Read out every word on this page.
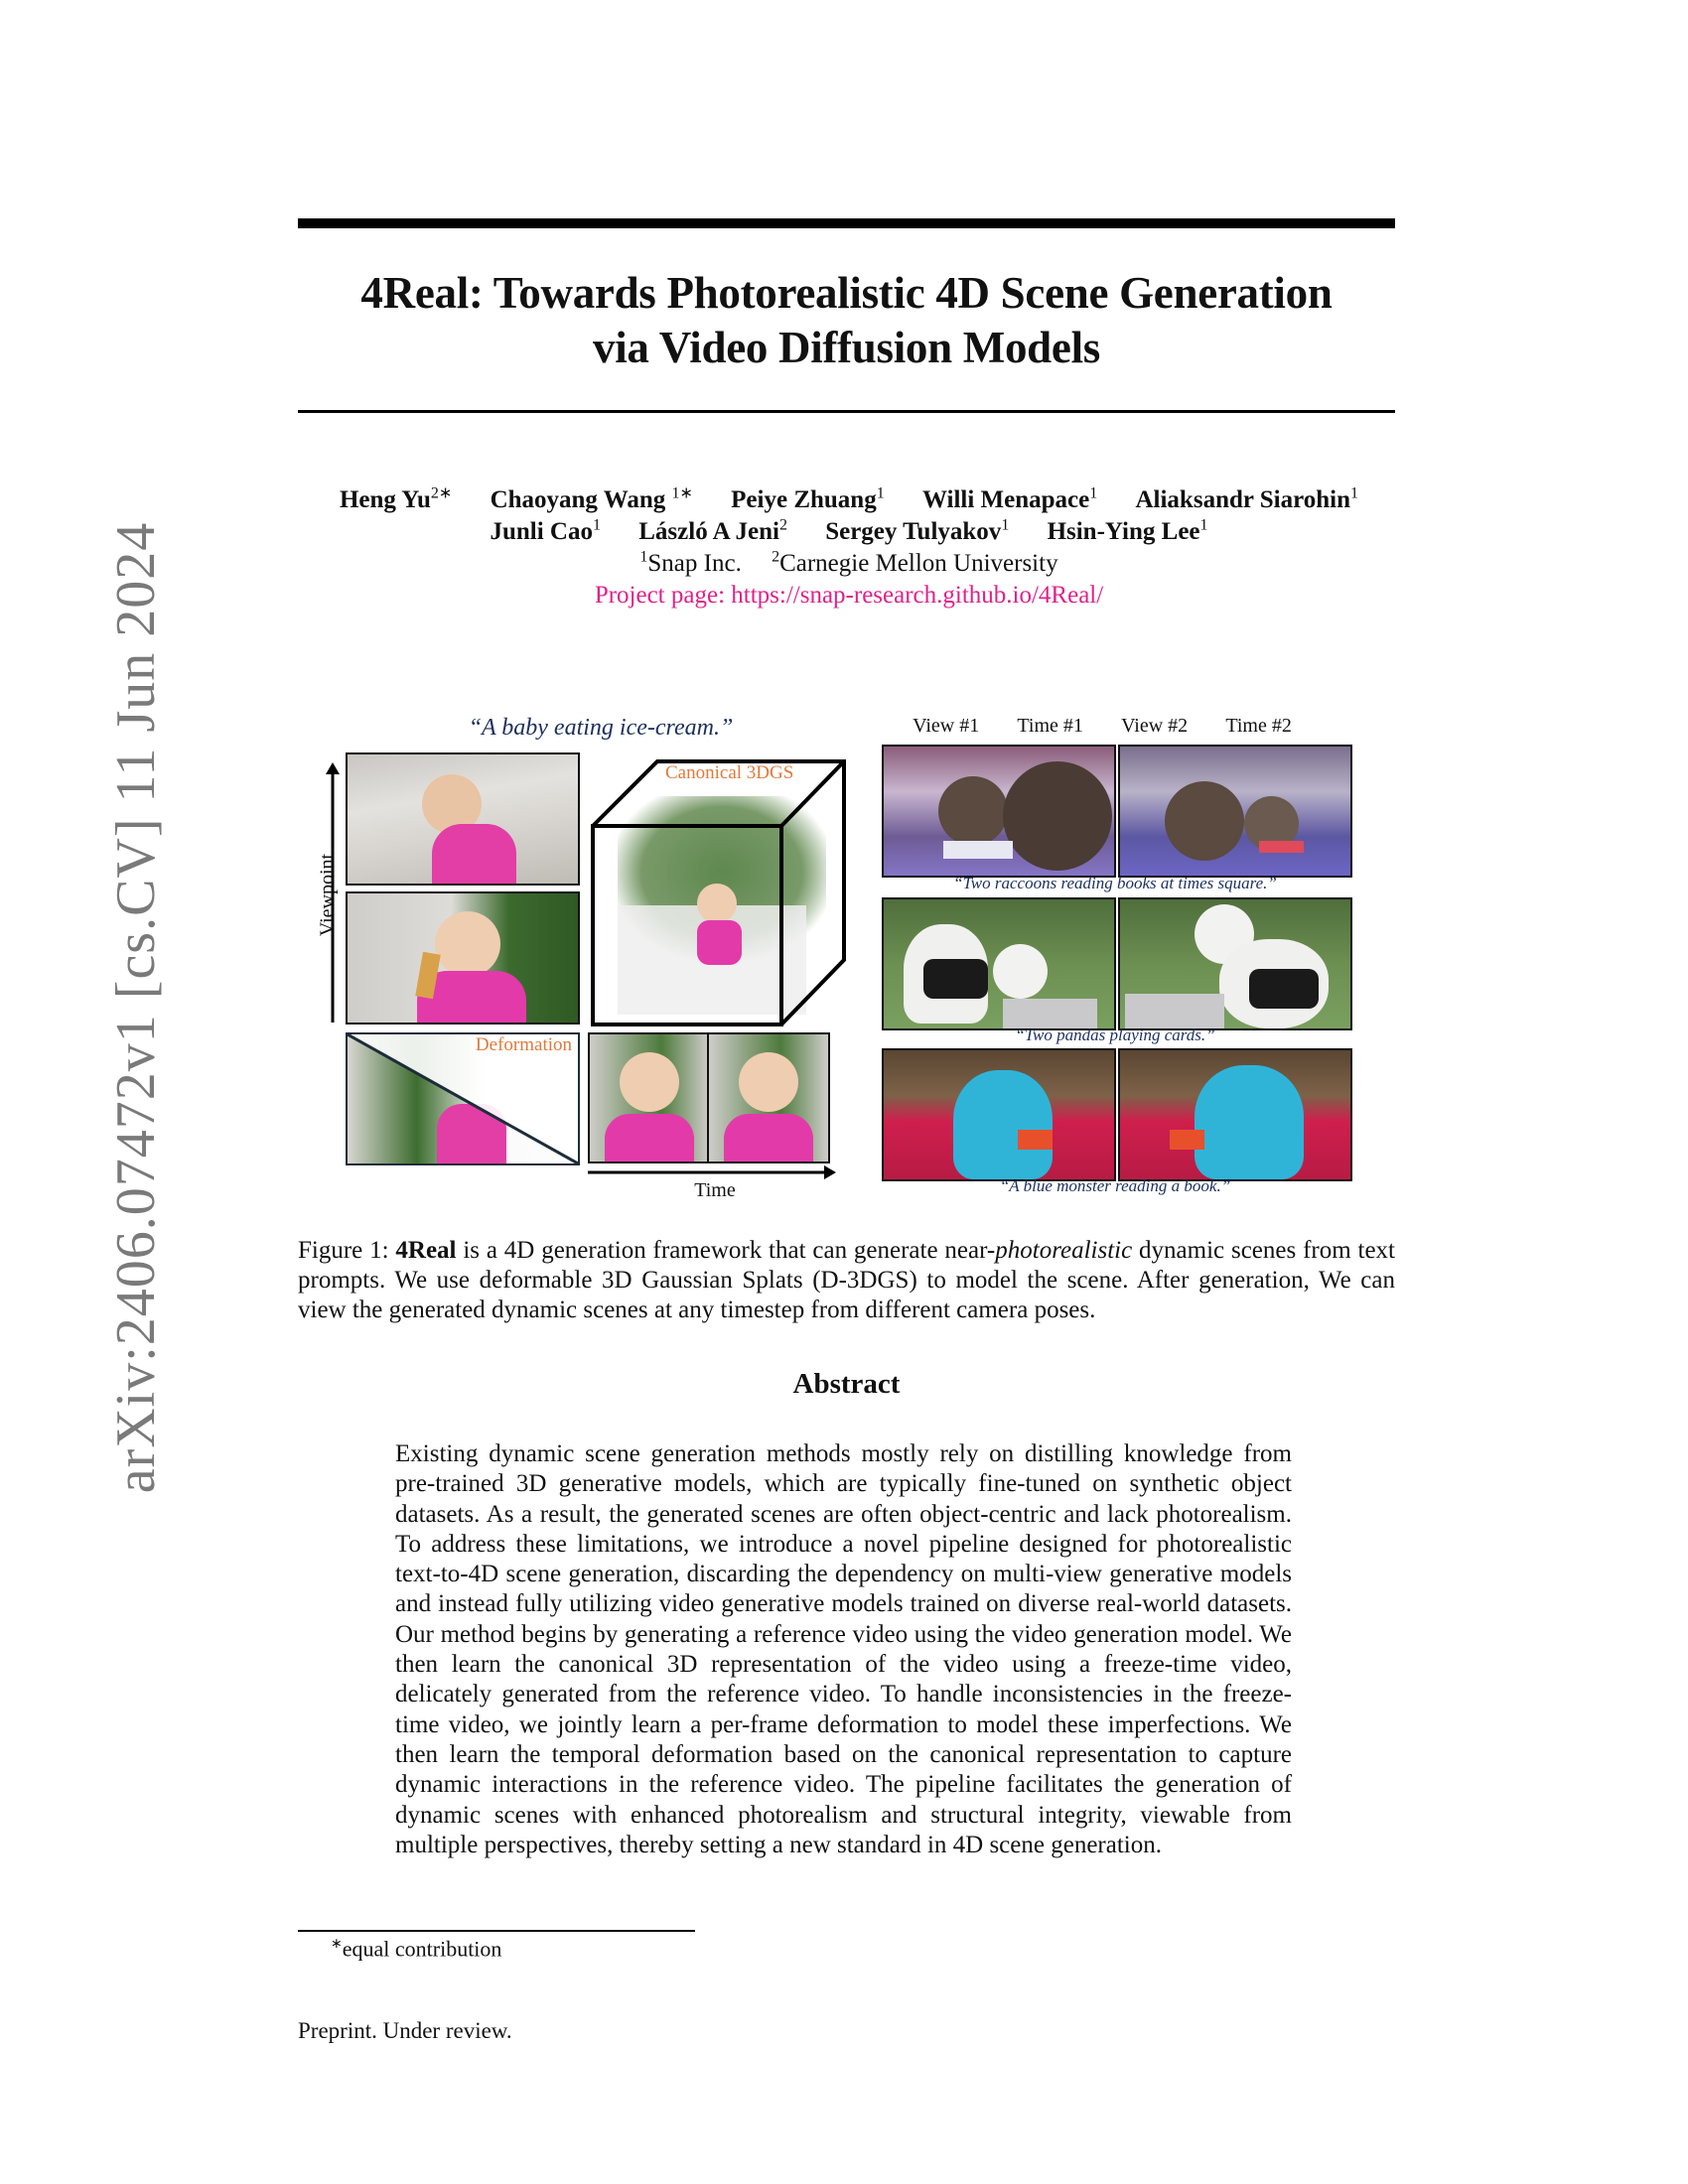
arXiv:2406.07472v1 [cs.CV] 11 Jun 2024
4Real: Towards Photorealistic 4D Scene Generation
via Video Diffusion Models
Heng $Yu^{2∗}$ Chaoyang Wang $^{1∗}$ Peiye Zhuang$^1$ Willi Menapace$^1$ Aliaksandr Siarohin$^1$
Junli Cao$^1$ László A Jeni$^2$ Sergey Tulyakov$^1$ Hsin-Ying Lee$^1$
$^1$Snap Inc. $^2$Carnegie Mellon University
Project page: https://snap-research.github.io/4Real/
“A baby eating ice-cream.”
Viewpoint
Deformation
Canonical 3DGS
Time
View #1 Time #1 View #2 Time #2
“Two raccoons reading books at times square.”
“Two pandas playing cards.”
“A blue monster reading a book.”
Figure 1: 4Real is a 4D generation framework that can generate near-photorealistic dynamic scenes from text prompts. We use deformable 3D Gaussian Splats (D-3DGS) to model the scene. After generation, We can view the generated dynamic scenes at any timestep from different camera poses.
Abstract
Existing dynamic scene generation methods mostly rely on distilling knowledge from pre-trained 3D generative models, which are typically fine-tuned on synthetic object datasets. As a result, the generated scenes are often object-centric and lack photorealism. To address these limitations, we introduce a novel pipeline designed for photorealistic text-to-4D scene generation, discarding the dependency on multi-view generative models and instead fully utilizing video generative models trained on diverse real-world datasets. Our method begins by generating a reference video using the video generation model. We then learn the canonical 3D representation of the video using a freeze-time video, delicately generated from the reference video. To handle inconsistencies in the freeze-time video, we jointly learn a per-frame deformation to model these imperfections. We then learn the temporal deformation based on the canonical representation to capture dynamic interactions in the reference video. The pipeline facilitates the generation of dynamic scenes with enhanced photorealism and structural integrity, viewable from multiple perspectives, thereby setting a new standard in 4D scene generation.
∗equal contribution
Preprint. Under review.
